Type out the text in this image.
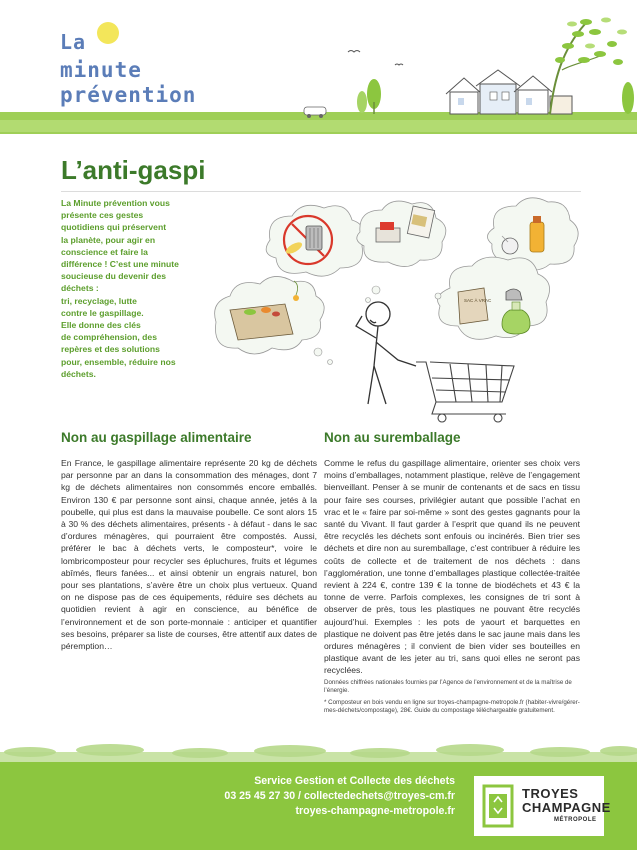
La
minute
prévention
L’anti-gaspi

La Minute prévention vous

présente ces gestes

quotidiens qui préservent

la planète, pour agir en

conscience et faire la

différence ! C’est une minute

soucieuse du devenir des

déchets :

tri, recyclage, lutte

contre le gaspillage.

Elle donne des clés

de compréhension, des

repères et des solutions

pour, ensemble, réduire nos

déchets.

SAC À VRAC
Non au gaspillage alimentaire

En France, le gaspillage alimentaire représente 20 kg de déchets par personne par an dans la consommation des ménages, dont 7 kg de déchets alimentaires non consommés encore emballés. Environ 130 € par personne sont ainsi, chaque année, jetés à la poubelle, qui plus est dans la mauvaise poubelle. Ce sont alors 15 à 30 % des déchets alimentaires, présents - à défaut - dans le sac d’ordures ménagères, qui pourraient être compostés. Aussi, préférer le bac à déchets verts, le composteur*, voire le lombricomposteur pour recycler ses épluchures, fruits et légumes abîmés, fleurs fanées... et ainsi obtenir un engrais naturel, bon pour ses plantations, s’avère être un choix plus vertueux. Quand on ne dispose pas de ces équipements, réduire ses déchets au quotidien revient à agir en conscience, au bénéfice de l’environnement et de son porte-monnaie : anticiper et quantifier ses besoins, préparer sa liste de courses, être attentif aux dates de péremption…

Non au suremballage

Comme le refus du gaspillage alimentaire, orienter ses choix vers moins d’emballages, notamment plastique, relève de l’engagement bienveillant. Penser à se munir de contenants et de sacs en tissu pour faire ses courses, privilégier autant que possible l’achat en vrac et le « faire par soi-même » sont des gestes gagnants pour la santé du Vivant. Il faut garder à l’esprit que quand ils ne peuvent être recyclés les déchets sont enfouis ou incinérés. Bien trier ses déchets et dire non au suremballage, c’est contribuer à réduire les coûts de collecte et de traitement de nos déchets : dans l’agglomération, une tonne d’emballages plastique collectée-traitée revient à 224 €, contre 139 € la tonne de biodéchets et 43 € la tonne de verre. Parfois complexes, les consignes de tri sont à observer de près, tous les plastiques ne pouvant être recyclés aujourd’hui. Exemples : les pots de yaourt et barquettes en plastique ne doivent pas être jetés dans le sac jaune mais dans les ordures ménagères ; il convient de bien vider ses bouteilles en plastique avant de les jeter au tri, sans quoi elles ne seront pas recyclées.

Données chiffrées nationales fournies par l’Agence de l’environnement et de la maîtrise de l’énergie.

* Composteur en bois vendu en ligne sur troyes-champagne-metropole.fr (habiter-vivre/gérer-mes-déchets/compostage), 28€. Guide du compostage téléchargeable gratuitement.

Service Gestion et Collecte des déchets
03 25 45 27 30 / collectedechets@troyes-cm.fr
troyes-champagne-metropole.fr
TROYES
CHAMPAGNE
MÉTROPOLE
